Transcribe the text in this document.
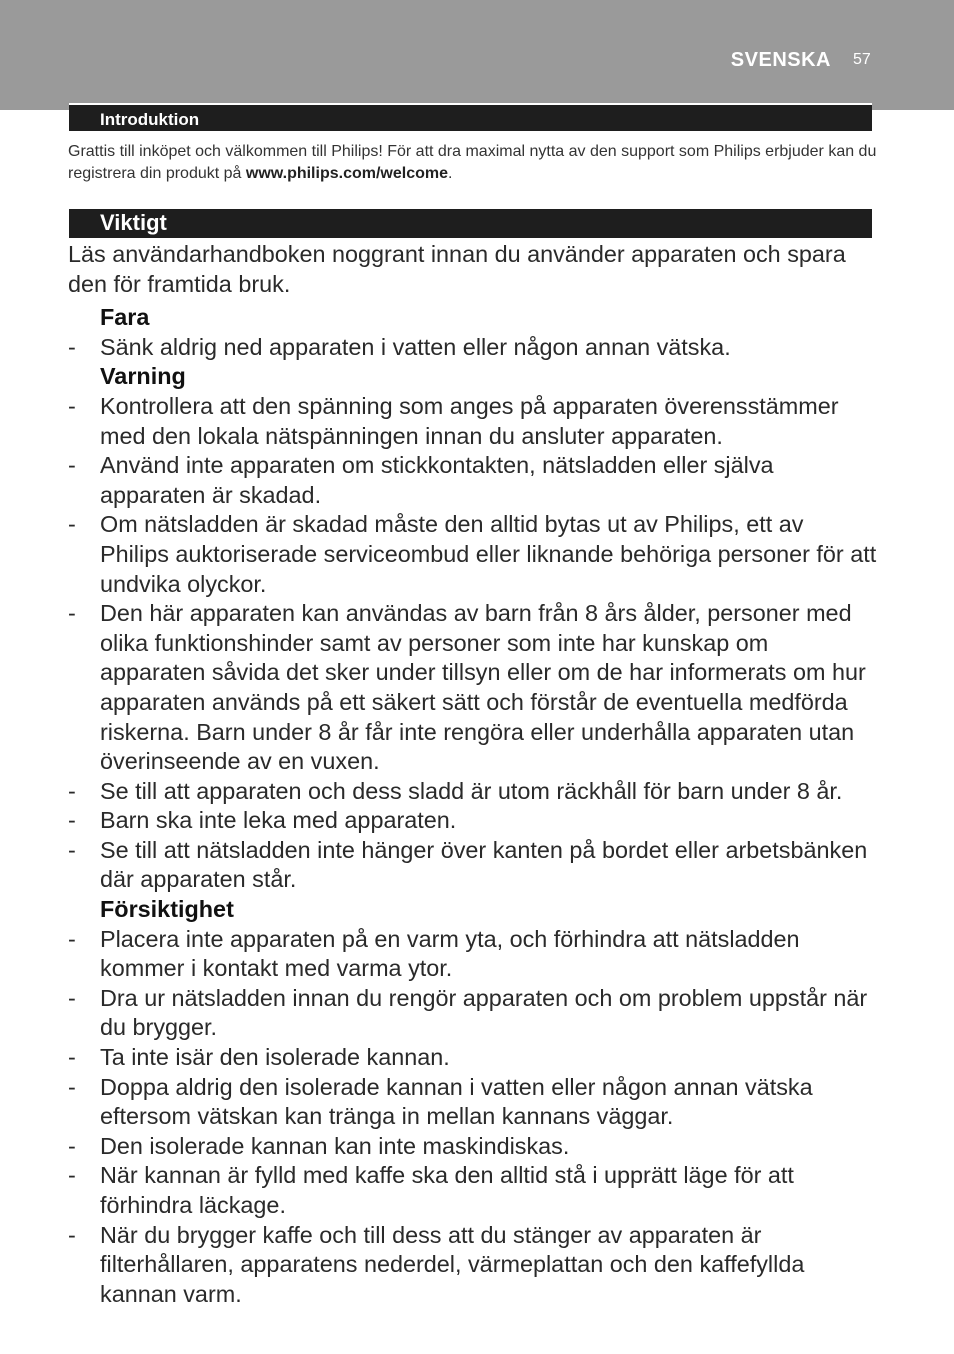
SVENSKA 57
Introduktion
Grattis till inköpet och välkommen till Philips! För att dra maximal nytta av den support som Philips erbjuder kan du registrera din produkt på www.philips.com/welcome.
Viktigt

Läs användarhandboken noggrant innan du använder apparaten och spara den för framtida bruk.

Fara

- Sänk aldrig ned apparaten i vatten eller någon annan vätska.

Varning

- Kontrollera att den spänning som anges på apparaten överensstämmer med den lokala nätspänningen innan du ansluter apparaten.
- Använd inte apparaten om stickkontakten, nätsladden eller själva apparaten är skadad.
- Om nätsladden är skadad måste den alltid bytas ut av Philips, ett av Philips auktoriserade serviceombud eller liknande behöriga personer för att undvika olyckor.
- Den här apparaten kan användas av barn från 8 års ålder, personer med olika funktionshinder samt av personer som inte har kunskap om apparaten såvida det sker under tillsyn eller om de har informerats om hur apparaten används på ett säkert sätt och förstår de eventuella medförda riskerna. Barn under 8 år får inte rengöra eller underhålla apparaten utan överinseende av en vuxen.
- Se till att apparaten och dess sladd är utom räckhåll för barn under 8 år.
- Barn ska inte leka med apparaten.
- Se till att nätsladden inte hänger över kanten på bordet eller arbetsbänken där apparaten står.

Försiktighet

- Placera inte apparaten på en varm yta, och förhindra att nätsladden kommer i kontakt med varma ytor.
- Dra ur nätsladden innan du rengör apparaten och om problem uppstår när du brygger.
- Ta inte isär den isolerade kannan.
- Doppa aldrig den isolerade kannan i vatten eller någon annan vätska eftersom vätskan kan tränga in mellan kannans väggar.
- Den isolerade kannan kan inte maskindiskas.
- När kannan är fylld med kaffe ska den alltid stå i upprätt läge för att förhindra läckage.
- När du brygger kaffe och till dess att du stänger av apparaten är filterhållaren, apparatens nederdel, värmeplattan och den kaffefyllda kannan varm.
